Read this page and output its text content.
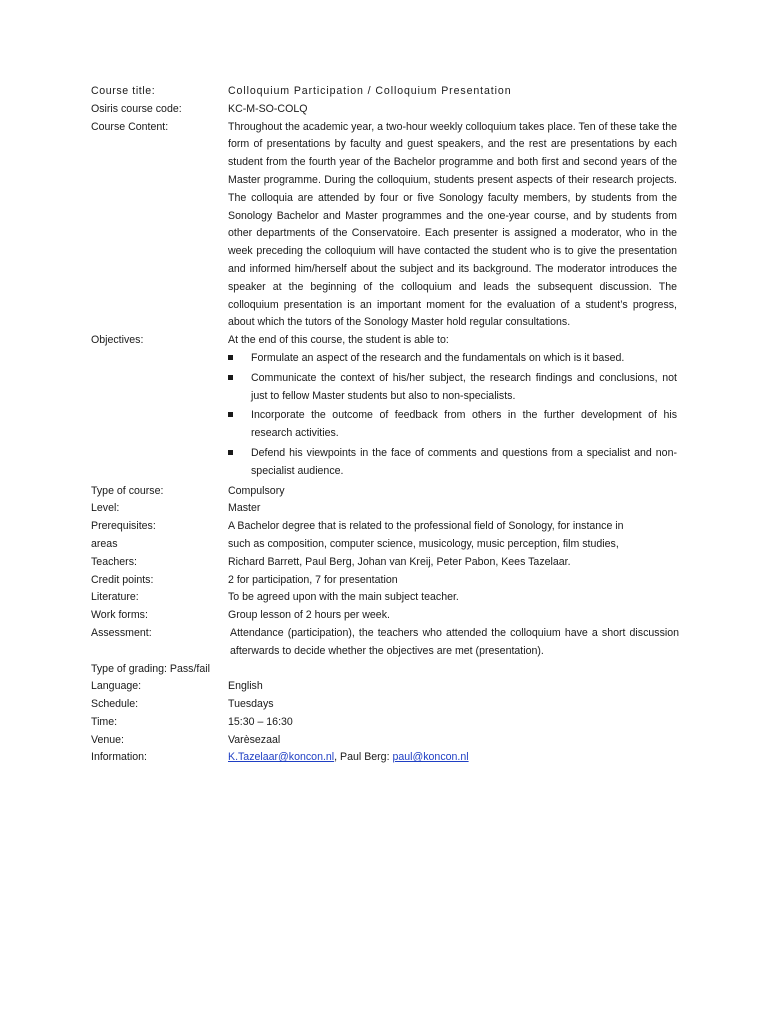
Course title:	Colloquium Participation / Colloquium Presentation
Osiris course code:	KC-M-SO-COLQ
Course Content:	Throughout the academic year, a two-hour weekly colloquium takes place. Ten of these take the form of presentations by faculty and guest speakers, and the rest are presentations by each student from the fourth year of the Bachelor programme and both first and second years of the Master programme. During the colloquium, students present aspects of their research projects. The colloquia are attended by four or five Sonology faculty members, by students from the Sonology Bachelor and Master programmes and the one-year course, and by students from other departments of the Conservatoire. Each presenter is assigned a moderator, who in the week preceding the colloquium will have contacted the student who is to give the presentation and informed him/herself about the subject and its background. The moderator introduces the speaker at the beginning of the colloquium and leads the subsequent discussion. The colloquium presentation is an important moment for the evaluation of a student’s progress, about which the tutors of the Sonology Master hold regular consultations.
Objectives:	At the end of this course, the student is able to:
Formulate an aspect of the research and the fundamentals on which is it based.
Communicate the context of his/her subject, the research findings and conclusions, not just to fellow Master students but also to non-specialists.
Incorporate the outcome of feedback from others in the further development of his research activities.
Defend his viewpoints in the face of comments and questions from a specialist and non-specialist audience.
Type of course:	Compulsory
Level:	Master
Prerequisites:	A Bachelor degree that is related to the professional field of Sonology, for instance in
areas	such as composition, computer science, musicology, music perception, film studies,
Teachers:	Richard Barrett, Paul Berg, Johan van Kreij, Peter Pabon, Kees Tazelaar.
Credit points:	2 for participation, 7 for presentation
Literature:	To be agreed upon with the main subject teacher.
Work forms:	Group lesson of 2 hours per week.
Assessment:	Attendance (participation), the teachers who attended the colloquium have a short discussion afterwards to decide whether the objectives are met (presentation).
Type of grading: Pass/fail
Language:	English
Schedule:	Tuesdays
Time:	15:30 – 16:30
Venue:	Varèsezaal
Information:	K.Tazelaar@koncon.nl, Paul Berg: paul@koncon.nl
